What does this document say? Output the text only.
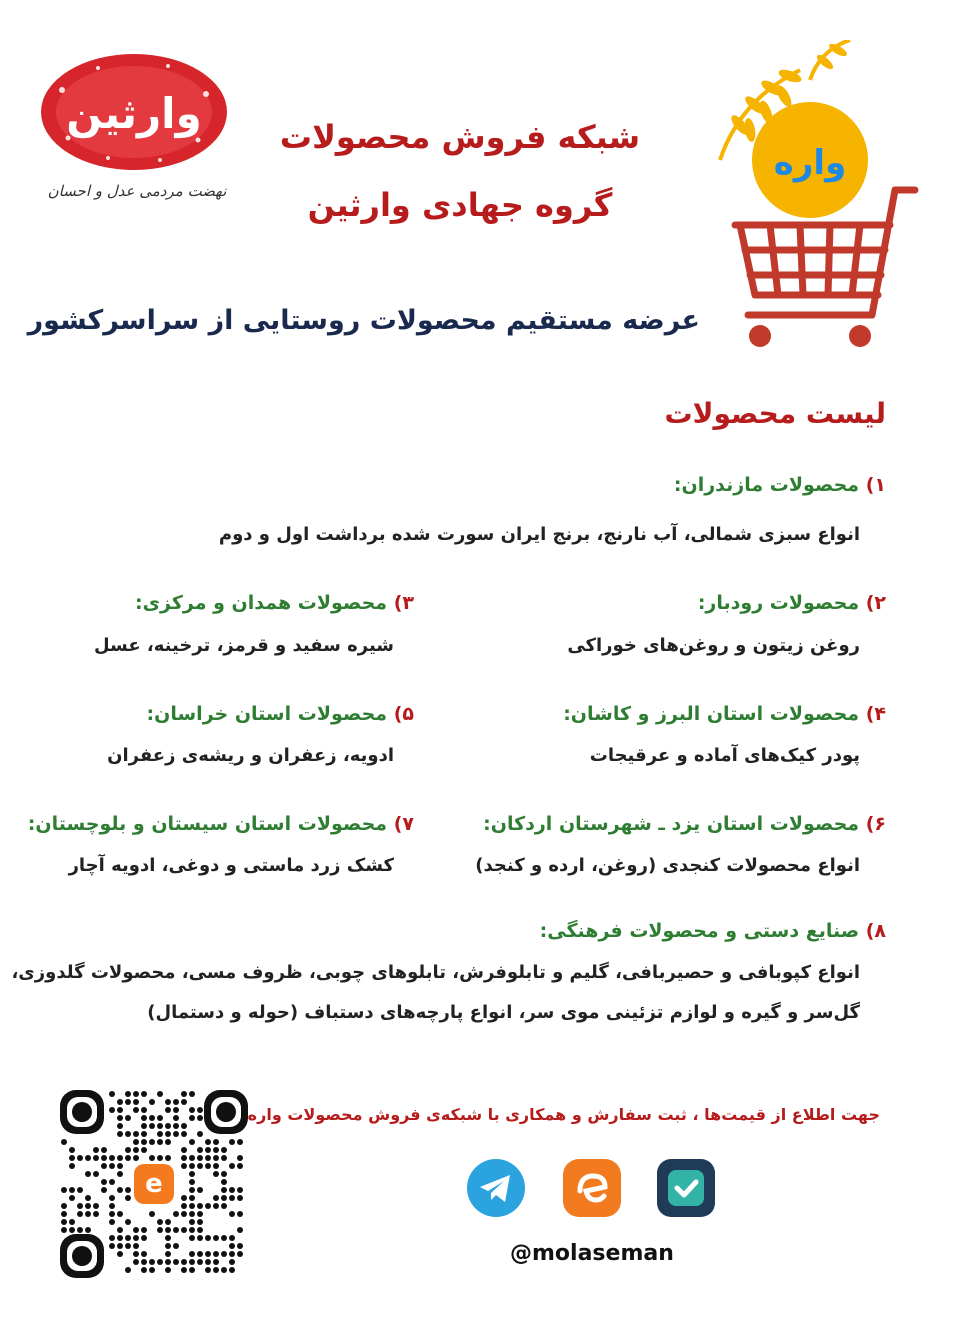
وارثین
نهضت مردمی عدل و احسان
شبکه فروش محصولات
گروه جهادی وارثین
واره
عرضه مستقیم محصولات روستایی از سراسرکشور
لیست محصولات
۱) محصولات مازندران:
انواع سبزی شمالی، آب نارنج، برنج ایران سورت شده برداشت اول و دوم
۲) محصولات رودبار:
روغن زیتون و روغن‌های خوراکی
۳) محصولات همدان و مرکزی:
شیره سفید و قرمز، ترخینه، عسل
۴) محصولات استان البرز و کاشان:
پودر کیک‌های آماده و عرقیجات
۵) محصولات استان خراسان:
ادویه، زعفران و ریشه‌ی زعفران
۶) محصولات استان یزد ـ شهرستان اردکان:
انواع محصولات کنجدی (روغن، ارده و کنجد)
۷) محصولات استان سیستان و بلوچستان:
کشک زرد ماستی و دوغی، ادویه آچار
۸) صنایع دستی و محصولات فرهنگی:
انواع کپوبافی و حصیربافی، گلیم و تابلوفرش، تابلوهای چوبی، ظروف مسی، محصولات گلدوزی،
گل‌سر و گیره و لوازم تزئینی موی سر، انواع پارچه‌های دستباف (حوله و دستمال)
e
جهت اطلاع از قیمت‌ها ، ثبت سفارش و همکاری با شبکه‌ی فروش محصولات واره
@molaseman
